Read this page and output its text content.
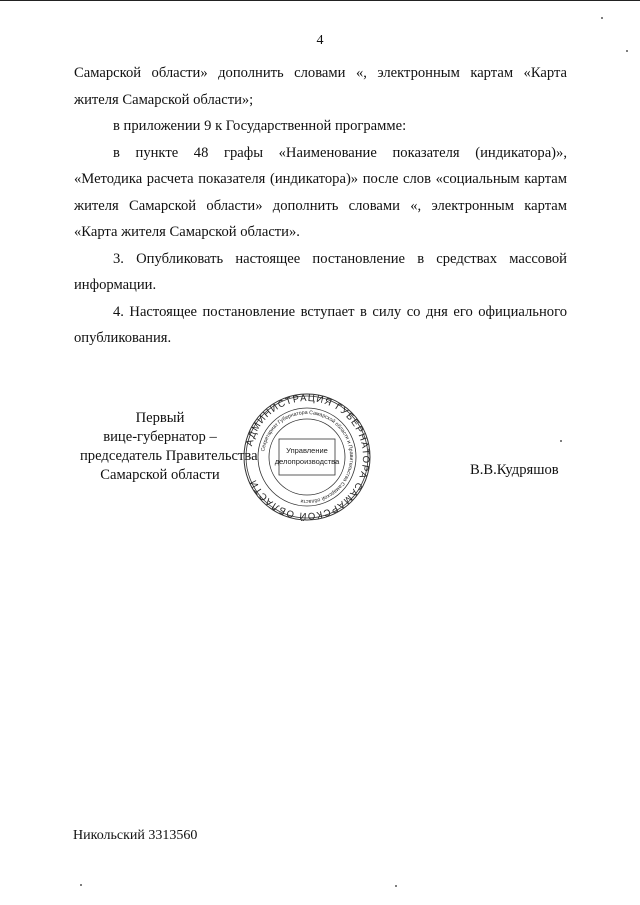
4

Самарской области» дополнить словами «, электронным картам «Карта

жителя Самарской области»;

в приложении 9 к Государственной программе:

в пункте 48 графы «Наименование показателя (индикатора)», «Методика расчета показателя (индикатора)» после слов «социальным картам жителя Самарской области» дополнить словами «, электронным картам «Карта жителя Самарской области».

3. Опубликовать настоящее постановление в средствах массовой информации.

4. Настоящее постановление вступает в силу со дня его официального опубликования.

Первый
вице-губернатор –
председатель Правительства
Самарской области
АДМИНИСТРАЦИЯ ГУБЕРНАТОРА САМАРСКОЙ ОБЛАСТИ
Секретариат Губернатора Самарской области и Правительства Самарской области
Управление
делопроизводства
В.В.Кудряшов
Никольский 3313560
